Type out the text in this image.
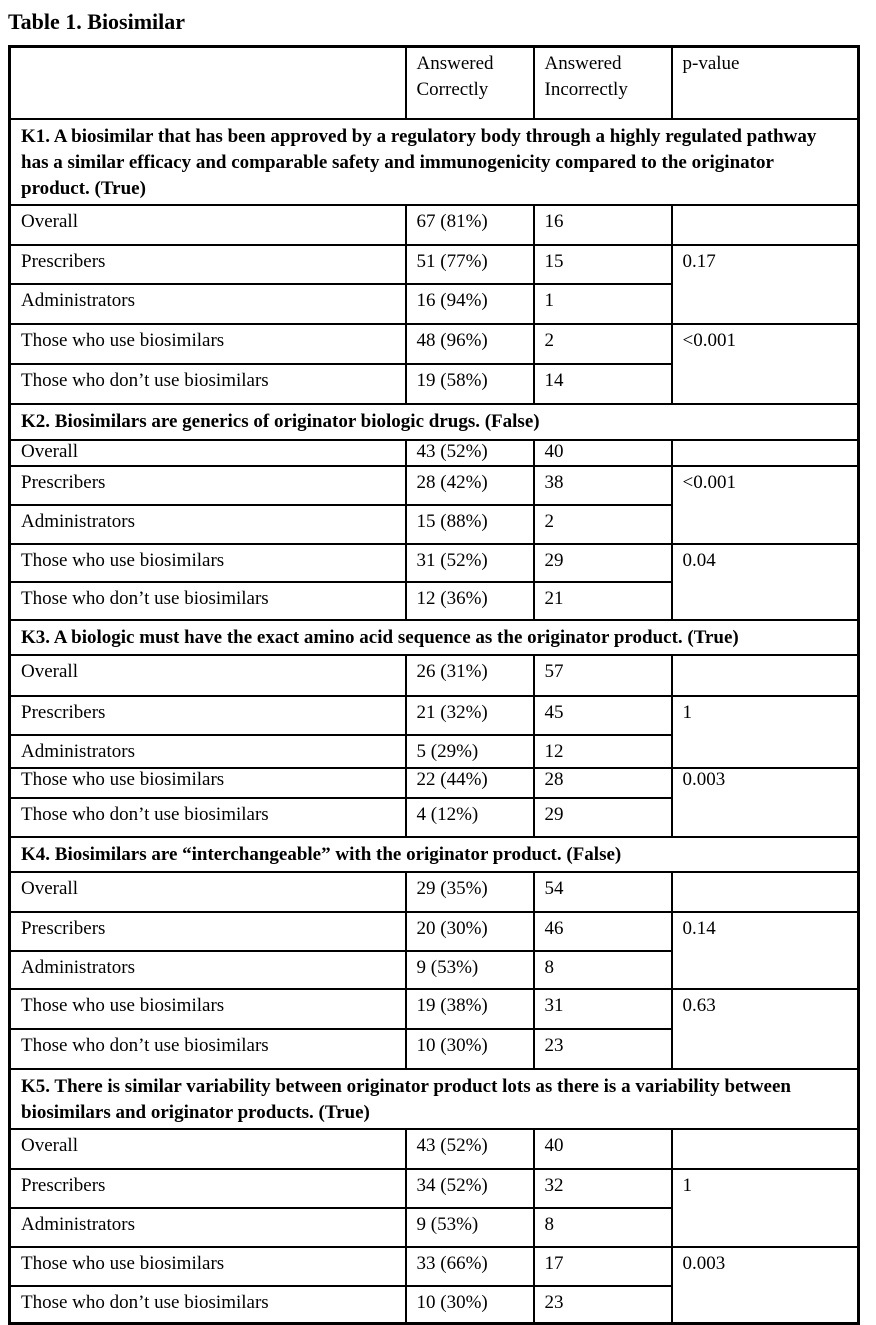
Table 1. Biosimilar
	Answered Correctly	Answered Incorrectly	p-value
K1. A biosimilar that has been approved by a regulatory body through a highly regulated pathway has a similar efficacy and comparable safety and immunogenicity compared to the originator product. (True)			
Overall	67 (81%)	16	
Prescribers	51 (77%)	15	0.17
Administrators	16 (94%)	1	
Those who use biosimilars	48 (96%)	2	<0.001
Those who don’t use biosimilars	19 (58%)	14	
K2. Biosimilars are generics of originator biologic drugs. (False)			
Overall	43 (52%)	40	
Prescribers	28 (42%)	38	<0.001
Administrators	15 (88%)	2	
Those who use biosimilars	31 (52%)	29	0.04
Those who don’t use biosimilars	12 (36%)	21	
K3. A biologic must have the exact amino acid sequence as the originator product. (True)			
Overall	26 (31%)	57	
Prescribers	21 (32%)	45	1
Administrators	5 (29%)	12	
Those who use biosimilars	22 (44%)	28	0.003
Those who don’t use biosimilars	4 (12%)	29	
K4. Biosimilars are “interchangeable” with the originator product. (False)			
Overall	29 (35%)	54	
Prescribers	20 (30%)	46	0.14
Administrators	9 (53%)	8	
Those who use biosimilars	19 (38%)	31	0.63
Those who don’t use biosimilars	10 (30%)	23	
K5. There is similar variability between originator product lots as there is a variability between biosimilars and originator products. (True)			
Overall	43 (52%)	40	
Prescribers	34 (52%)	32	1
Administrators	9 (53%)	8	
Those who use biosimilars	33 (66%)	17	0.003
Those who don’t use biosimilars	10 (30%)	23	
